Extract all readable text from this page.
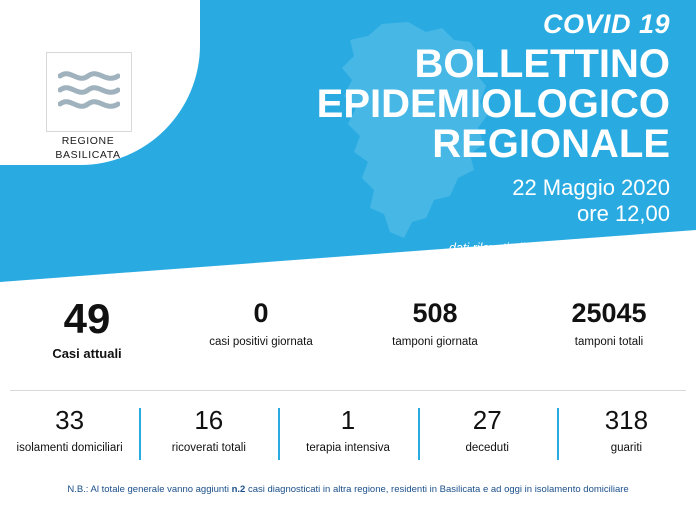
REGIONE
BASILICATA
COVID 19
BOLLETTINO
EPIDEMIOLOGICO
REGIONALE
22 Maggio 2020
ore 12,00
dati rilevati alle ore 24,00 del 21 maggio
49
Casi attuali
0
casi positivi giornata
508
tamponi giornata
25045
tamponi totali
33
isolamenti domiciliari
16
ricoverati totali
1
terapia intensiva
27
deceduti
318
guariti
N.B.: Al totale generale vanno aggiunti n.2 casi diagnosticati in altra regione, residenti in Basilicata e ad oggi in isolamento domiciliare
